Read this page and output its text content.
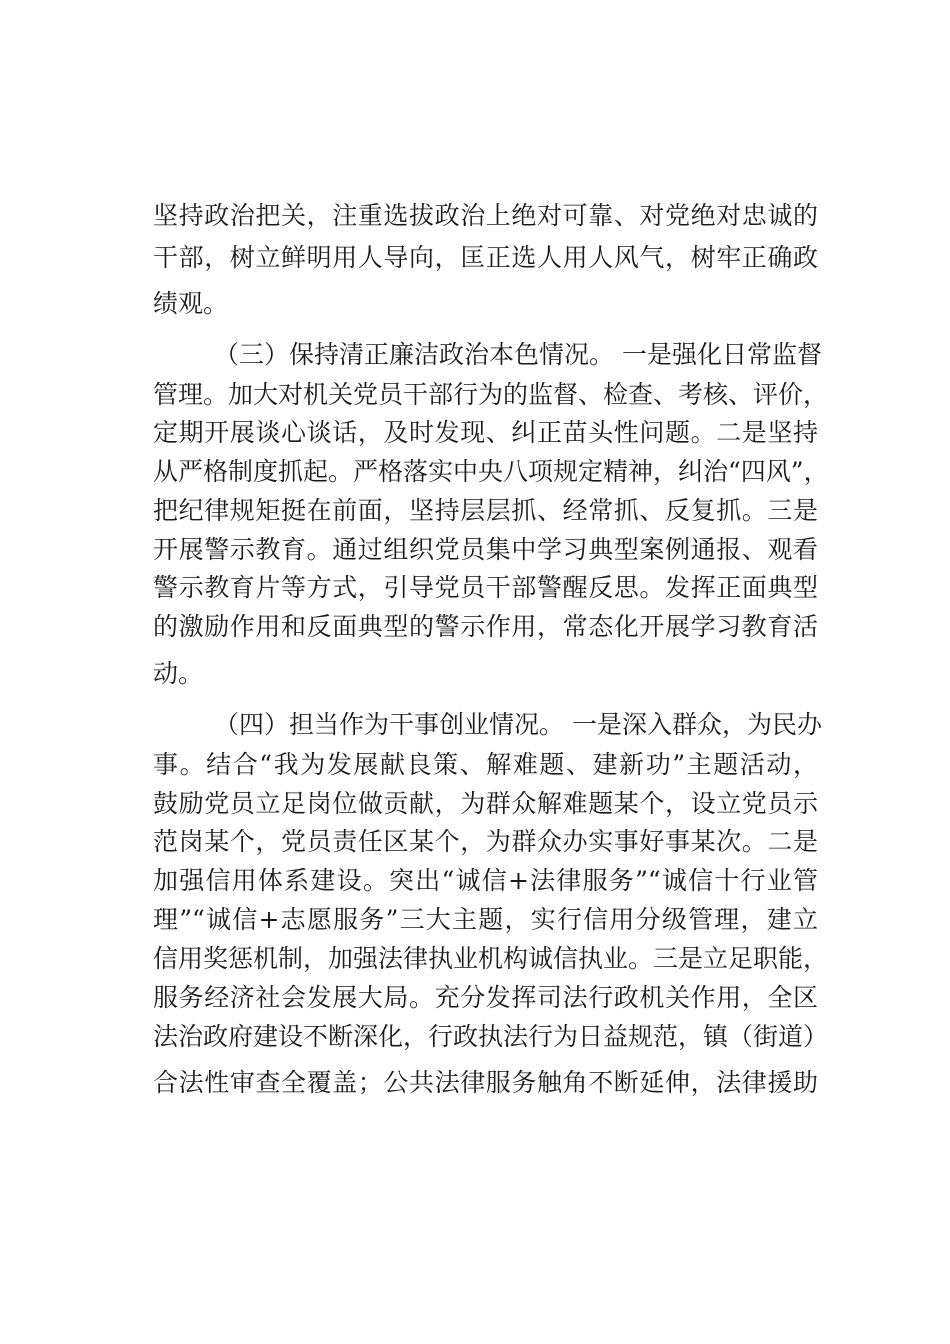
坚持政治把关，注重选拔政治上绝对可靠、对党绝对忠诚的
干部，树立鲜明用人导向，匡正选人用人风气，树牢正确政
绩观。
（三）保持清正廉洁政治本色情况。 一是强化日常监督
管理。加大对机关党员干部行为的监督、检查、考核、评价，
定期开展谈心谈话，及时发现、纠正苗头性问题。二是坚持
从严格制度抓起。严格落实中央八项规定精神，纠治“四风”，
把纪律规矩挺在前面，坚持层层抓、经常抓、反复抓。三是
开展警示教育。通过组织党员集中学习典型案例通报、观看
警示教育片等方式，引导党员干部警醒反思。发挥正面典型
的激励作用和反面典型的警示作用，常态化开展学习教育活
动。
（四）担当作为干事创业情况。 一是深入群众，为民办
事。结合“我为发展献良策、解难题、建新功”主题活动，
鼓励党员立足岗位做贡献，为群众解难题某个，设立党员示
范岗某个，党员责任区某个，为群众办实事好事某次。二是
加强信用体系建设。突出“诚信+法律服务”“诚信十行业管
理”“诚信+志愿服务”三大主题，实行信用分级管理，建立
信用奖惩机制，加强法律执业机构诚信执业。三是立足职能，
服务经济社会发展大局。充分发挥司法行政机关作用，全区
法治政府建设不断深化，行政执法行为日益规范，镇（街道）
合法性审查全覆盖；公共法律服务触角不断延伸，法律援助
